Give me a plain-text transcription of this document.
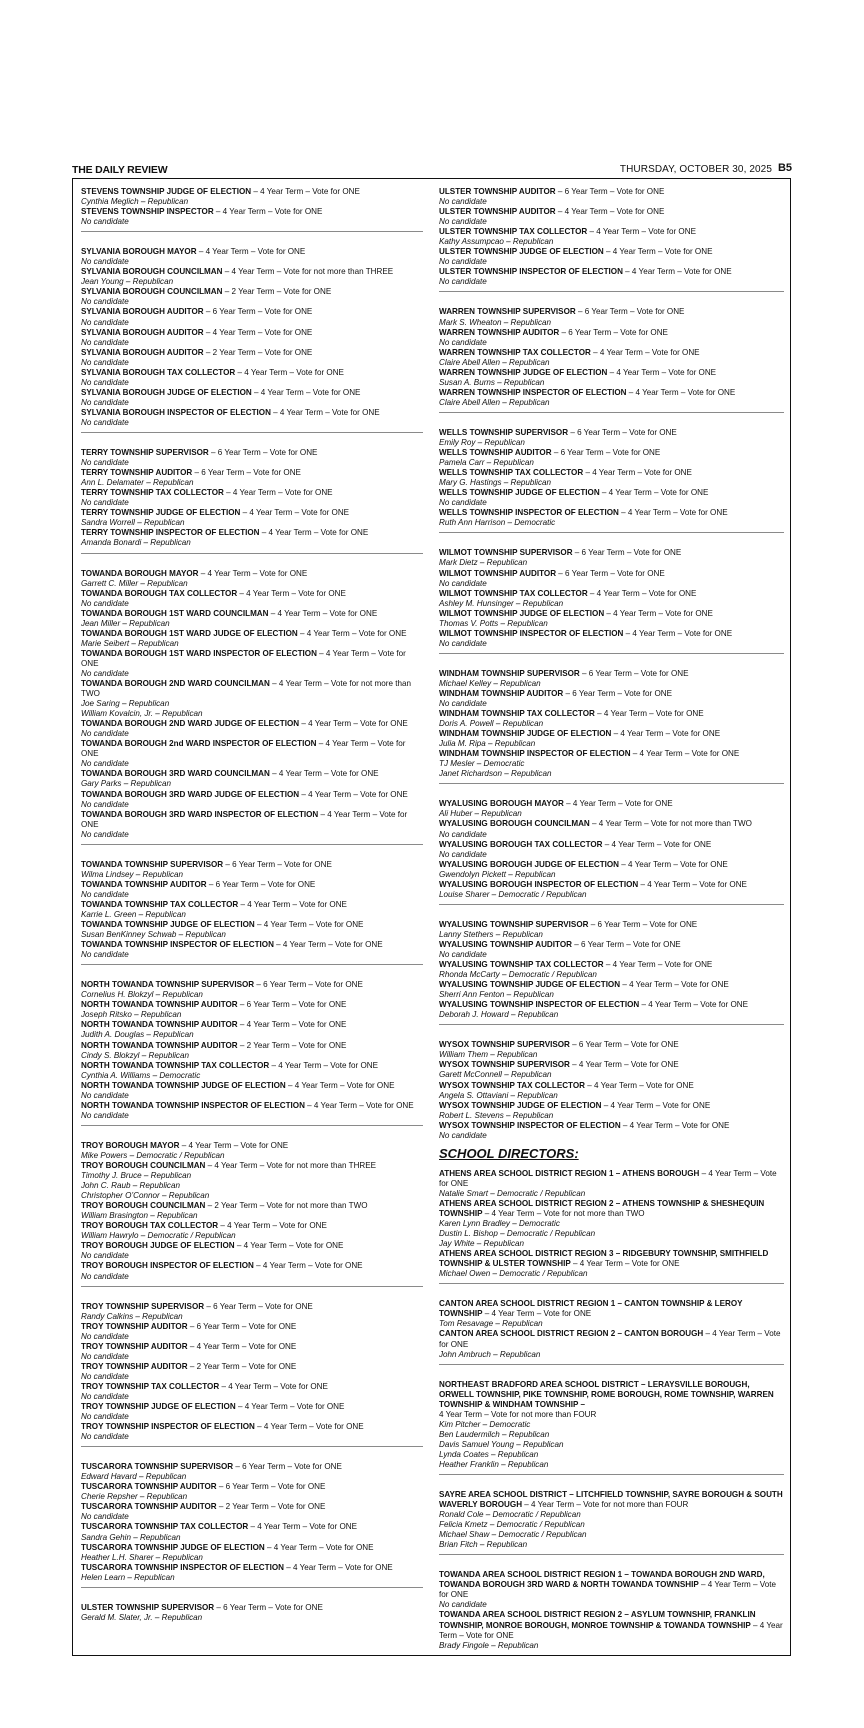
THE DAILY REVIEW	THURSDAY, OCTOBER 30, 2025 B5
STEVENS TOWNSHIP JUDGE OF ELECTION – 4 Year Term – Vote for ONE
Cynthia Meglich – Republican
STEVENS TOWNSHIP INSPECTOR – 4 Year Term – Vote for ONE
No candidate
SYLVANIA BOROUGH MAYOR – 4 Year Term – Vote for ONE
No candidate
SYLVANIA BOROUGH COUNCILMAN – 4 Year Term – Vote for not more than THREE
Jean Young – Republican
SYLVANIA BOROUGH COUNCILMAN – 2 Year Term – Vote for ONE
No candidate
SYLVANIA BOROUGH AUDITOR – 6 Year Term – Vote for ONE
No candidate
SYLVANIA BOROUGH AUDITOR – 4 Year Term – Vote for ONE
No candidate
SYLVANIA BOROUGH AUDITOR – 2 Year Term – Vote for ONE
No candidate
SYLVANIA BOROUGH TAX COLLECTOR – 4 Year Term – Vote for ONE
No candidate
SYLVANIA BOROUGH JUDGE OF ELECTION – 4 Year Term – Vote for ONE
No candidate
SYLVANIA BOROUGH INSPECTOR OF ELECTION – 4 Year Term – Vote for ONE
No candidate
TERRY TOWNSHIP SUPERVISOR – 6 Year Term – Vote for ONE
No candidate
TERRY TOWNSHIP AUDITOR – 6 Year Term – Vote for ONE
Ann L. Delamater – Republican
TERRY TOWNSHIP TAX COLLECTOR – 4 Year Term – Vote for ONE
No candidate
TERRY TOWNSHIP JUDGE OF ELECTION – 4 Year Term – Vote for ONE
Sandra Worrell – Republican
TERRY TOWNSHIP INSPECTOR OF ELECTION – 4 Year Term – Vote for ONE
Amanda Bonardi – Republican
TOWANDA BOROUGH MAYOR – 4 Year Term – Vote for ONE
Garrett C. Miller – Republican
TOWANDA BOROUGH TAX COLLECTOR – 4 Year Term – Vote for ONE
No candidate
TOWANDA BOROUGH 1ST WARD COUNCILMAN – 4 Year Term – Vote for ONE
Jean Miller – Republican
TOWANDA BOROUGH 1ST WARD JUDGE OF ELECTION – 4 Year Term – Vote for ONE
Marie Seibert – Republican
TOWANDA BOROUGH 1ST WARD INSPECTOR OF ELECTION – 4 Year Term – Vote for ONE
No candidate
TOWANDA BOROUGH 2ND WARD COUNCILMAN – 4 Year Term – Vote for not more than TWO
Joe Saring – Republican
William Kovalcin, Jr. – Republican
TOWANDA BOROUGH 2ND WARD JUDGE OF ELECTION – 4 Year Term – Vote for ONE
No candidate
TOWANDA BOROUGH 2nd WARD INSPECTOR OF ELECTION – 4 Year Term – Vote for ONE
No candidate
TOWANDA BOROUGH 3RD WARD COUNCILMAN – 4 Year Term – Vote for ONE
Gary Parks – Republican
TOWANDA BOROUGH 3RD WARD JUDGE OF ELECTION – 4 Year Term – Vote for ONE
No candidate
TOWANDA BOROUGH 3RD WARD INSPECTOR OF ELECTION – 4 Year Term – Vote for ONE
No candidate
TOWANDA TOWNSHIP SUPERVISOR – 6 Year Term – Vote for ONE
Wilma Lindsey – Republican
TOWANDA TOWNSHIP AUDITOR – 6 Year Term – Vote for ONE
No candidate
TOWANDA TOWNSHIP TAX COLLECTOR – 4 Year Term – Vote for ONE
Karrie L. Green – Republican
TOWANDA TOWNSHIP JUDGE OF ELECTION – 4 Year Term – Vote for ONE
Susan BenKinney Schwab – Republican
TOWANDA TOWNSHIP INSPECTOR OF ELECTION – 4 Year Term – Vote for ONE
No candidate
NORTH TOWANDA TOWNSHIP SUPERVISOR – 6 Year Term – Vote for ONE
Cornelius H. Blokzyl – Republican
NORTH TOWANDA TOWNSHIP AUDITOR – 6 Year Term – Vote for ONE
Joseph Ritsko – Republican
NORTH TOWANDA TOWNSHIP AUDITOR – 4 Year Term – Vote for ONE
Judith A. Douglas – Republican
NORTH TOWANDA TOWNSHIP AUDITOR – 2 Year Term – Vote for ONE
Cindy S. Blokzyl – Republican
NORTH TOWANDA TOWNSHIP TAX COLLECTOR – 4 Year Term – Vote for ONE
Cynthia A. Williams – Democratic
NORTH TOWANDA TOWNSHIP JUDGE OF ELECTION – 4 Year Term – Vote for ONE
No candidate
NORTH TOWANDA TOWNSHIP INSPECTOR OF ELECTION – 4 Year Term – Vote for ONE
No candidate
TROY BOROUGH MAYOR – 4 Year Term – Vote for ONE
Mike Powers – Democratic / Republican
TROY BOROUGH COUNCILMAN – 4 Year Term – Vote for not more than THREE
Timothy J. Bruce – Republican
John C. Raub – Republican
Christopher O’Connor – Republican
TROY BOROUGH COUNCILMAN – 2 Year Term – Vote for not more than TWO
William Brasington – Republican
TROY BOROUGH TAX COLLECTOR – 4 Year Term – Vote for ONE
William Hawrylo – Democratic / Republican
TROY BOROUGH JUDGE OF ELECTION – 4 Year Term – Vote for ONE
No candidate
TROY BOROUGH INSPECTOR OF ELECTION – 4 Year Term – Vote for ONE
No candidate
TROY TOWNSHIP SUPERVISOR – 6 Year Term – Vote for ONE
Randy Calkins – Republican
TROY TOWNSHIP AUDITOR – 6 Year Term – Vote for ONE
No candidate
TROY TOWNSHIP AUDITOR – 4 Year Term – Vote for ONE
No candidate
TROY TOWNSHIP AUDITOR – 2 Year Term – Vote for ONE
No candidate
TROY TOWNSHIP TAX COLLECTOR – 4 Year Term – Vote for ONE
No candidate
TROY TOWNSHIP JUDGE OF ELECTION – 4 Year Term – Vote for ONE
No candidate
TROY TOWNSHIP INSPECTOR OF ELECTION – 4 Year Term – Vote for ONE
No candidate
TUSCARORA TOWNSHIP SUPERVISOR – 6 Year Term – Vote for ONE
Edward Havard – Republican
TUSCARORA TOWNSHIP AUDITOR – 6 Year Term – Vote for ONE
Cherie Repsher – Republican
TUSCARORA TOWNSHIP AUDITOR – 2 Year Term – Vote for ONE
No candidate
TUSCARORA TOWNSHIP TAX COLLECTOR – 4 Year Term – Vote for ONE
Sandra Gehin – Republican
TUSCARORA TOWNSHIP JUDGE OF ELECTION – 4 Year Term – Vote for ONE
Heather L.H. Sharer – Republican
TUSCARORA TOWNSHIP INSPECTOR OF ELECTION – 4 Year Term – Vote for ONE
Helen Learn – Republican
ULSTER TOWNSHIP SUPERVISOR – 6 Year Term – Vote for ONE
Gerald M. Slater, Jr. – Republican
ULSTER TOWNSHIP AUDITOR – 6 Year Term – Vote for ONE
No candidate
ULSTER TOWNSHIP AUDITOR – 4 Year Term – Vote for ONE
No candidate
ULSTER TOWNSHIP TAX COLLECTOR – 4 Year Term – Vote for ONE
Kathy Assumpcao – Republican
ULSTER TOWNSHIP JUDGE OF ELECTION – 4 Year Term – Vote for ONE
No candidate
ULSTER TOWNSHIP INSPECTOR OF ELECTION – 4 Year Term – Vote for ONE
No candidate
WARREN TOWNSHIP SUPERVISOR – 6 Year Term – Vote for ONE
Mark S. Wheaton – Republican
WARREN TOWNSHIP AUDITOR – 6 Year Term – Vote for ONE
No candidate
WARREN TOWNSHIP TAX COLLECTOR – 4 Year Term – Vote for ONE
Claire Abell Allen – Republican
WARREN TOWNSHIP JUDGE OF ELECTION – 4 Year Term – Vote for ONE
Susan A. Burns – Republican
WARREN TOWNSHIP INSPECTOR OF ELECTION – 4 Year Term – Vote for ONE
Claire Abell Allen – Republican
WELLS TOWNSHIP SUPERVISOR – 6 Year Term – Vote for ONE
Emily Roy – Republican
WELLS TOWNSHIP AUDITOR – 6 Year Term – Vote for ONE
Pamela Carr – Republican
WELLS TOWNSHIP TAX COLLECTOR – 4 Year Term – Vote for ONE
Mary G. Hastings – Republican
WELLS TOWNSHIP JUDGE OF ELECTION – 4 Year Term – Vote for ONE
No candidate
WELLS TOWNSHIP INSPECTOR OF ELECTION – 4 Year Term – Vote for ONE
Ruth Ann Harrison – Democratic
WILMOT TOWNSHIP SUPERVISOR – 6 Year Term – Vote for ONE
Mark Dietz – Republican
WILMOT TOWNSHIP AUDITOR – 6 Year Term – Vote for ONE
No candidate
WILMOT TOWNSHIP TAX COLLECTOR – 4 Year Term – Vote for ONE
Ashley M. Hunsinger – Republican
WILMOT TOWNSHIP JUDGE OF ELECTION – 4 Year Term – Vote for ONE
Thomas V. Potts – Republican
WILMOT TOWNSHIP INSPECTOR OF ELECTION – 4 Year Term – Vote for ONE
No candidate
WINDHAM TOWNSHIP SUPERVISOR – 6 Year Term – Vote for ONE
Michael Kelley – Republican
WINDHAM TOWNSHIP AUDITOR – 6 Year Term – Vote for ONE
No candidate
WINDHAM TOWNSHIP TAX COLLECTOR – 4 Year Term – Vote for ONE
Doris A. Powell – Republican
WINDHAM TOWNSHIP JUDGE OF ELECTION – 4 Year Term – Vote for ONE
Julia M. Ripa – Republican
WINDHAM TOWNSHIP INSPECTOR OF ELECTION – 4 Year Term – Vote for ONE
TJ Mesler – Democratic
Janet Richardson – Republican
WYALUSING BOROUGH MAYOR – 4 Year Term – Vote for ONE
Ali Huber – Republican
WYALUSING BOROUGH COUNCILMAN – 4 Year Term – Vote for not more than TWO
No candidate
WYALUSING BOROUGH TAX COLLECTOR – 4 Year Term – Vote for ONE
No candidate
WYALUSING BOROUGH JUDGE OF ELECTION – 4 Year Term – Vote for ONE
Gwendolyn Pickett – Republican
WYALUSING BOROUGH INSPECTOR OF ELECTION – 4 Year Term – Vote for ONE
Louise Sharer – Democratic / Republican
WYALUSING TOWNSHIP SUPERVISOR – 6 Year Term – Vote for ONE
Lanny Stethers – Republican
WYALUSING TOWNSHIP AUDITOR – 6 Year Term – Vote for ONE
No candidate
WYALUSING TOWNSHIP TAX COLLECTOR – 4 Year Term – Vote for ONE
Rhonda McCarty – Democratic / Republican
WYALUSING TOWNSHIP JUDGE OF ELECTION – 4 Year Term – Vote for ONE
Sherri Ann Fenton – Republican
WYALUSING TOWNSHIP INSPECTOR OF ELECTION – 4 Year Term – Vote for ONE
Deborah J. Howard – Republican
WYSOX TOWNSHIP SUPERVISOR – 6 Year Term – Vote for ONE
William Them – Republican
WYSOX TOWNSHIP SUPERVISOR – 4 Year Term – Vote for ONE
Garett McConnell – Republican
WYSOX TOWNSHIP TAX COLLECTOR – 4 Year Term – Vote for ONE
Angela S. Ottaviani – Republican
WYSOX TOWNSHIP JUDGE OF ELECTION – 4 Year Term – Vote for ONE
Robert L. Stevens – Republican
WYSOX TOWNSHIP INSPECTOR OF ELECTION – 4 Year Term – Vote for ONE
No candidate
SCHOOL DIRECTORS:
ATHENS AREA SCHOOL DISTRICT REGION 1 – ATHENS BOROUGH – 4 Year Term – Vote for ONE
Natalie Smart – Democratic / Republican
ATHENS AREA SCHOOL DISTRICT REGION 2 – ATHENS TOWNSHIP & SHESHEQUIN TOWNSHIP – 4 Year Term – Vote for not more than TWO
Karen Lynn Bradley – Democratic
Dustin L. Bishop – Democratic / Republican
Jay White – Republican
ATHENS AREA SCHOOL DISTRICT REGION 3 – RIDGEBURY TOWNSHIP, SMITHFIELD TOWNSHIP & ULSTER TOWNSHIP – 4 Year Term – Vote for ONE
Michael Owen – Democratic / Republican
CANTON AREA SCHOOL DISTRICT REGION 1 – CANTON TOWNSHIP & LEROY TOWNSHIP – 4 Year Term – Vote for ONE
Tom Resavage – Republican
CANTON AREA SCHOOL DISTRICT REGION 2 – CANTON BOROUGH – 4 Year Term – Vote for ONE
John Ambruch – Republican
NORTHEAST BRADFORD AREA SCHOOL DISTRICT – LERAYSVILLE BOROUGH, ORWELL TOWNSHIP, PIKE TOWNSHIP, ROME BOROUGH, ROME TOWNSHIP, WARREN TOWNSHIP & WINDHAM TOWNSHIP –
4 Year Term – Vote for not more than FOUR
Kim Pitcher – Democratic
Ben Laudermilch – Republican
Davis Samuel Young – Republican
Lynda Coates – Republican
Heather Franklin – Republican
SAYRE AREA SCHOOL DISTRICT – LITCHFIELD TOWNSHIP, SAYRE BOROUGH & SOUTH WAVERLY BOROUGH – 4 Year Term – Vote for not more than FOUR
Ronald Cole – Democratic / Republican
Felicia Kmetz – Democratic / Republican
Michael Shaw – Democratic / Republican
Brian Fitch – Republican
TOWANDA AREA SCHOOL DISTRICT REGION 1 – TOWANDA BOROUGH 2ND WARD, TOWANDA BOROUGH 3RD WARD & NORTH TOWANDA TOWNSHIP – 4 Year Term – Vote for ONE
No candidate
TOWANDA AREA SCHOOL DISTRICT REGION 2 – ASYLUM TOWNSHIP, FRANKLIN TOWNSHIP, MONROE BOROUGH, MONROE TOWNSHIP & TOWANDA TOWNSHIP – 4 Year Term – Vote for ONE
Brady Fingole – Republican
